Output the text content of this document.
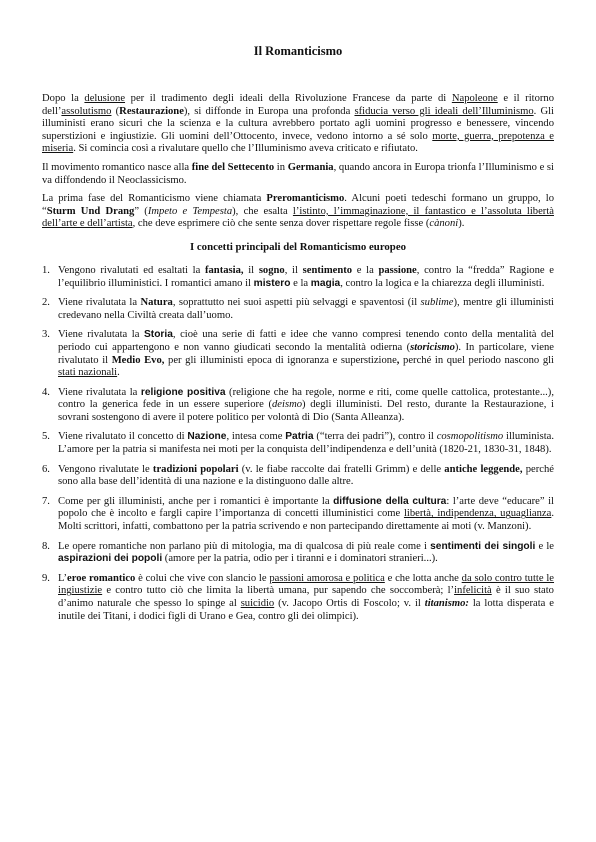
Il Romanticismo

Dopo la delusione per il tradimento degli ideali della Rivoluzione Francese da parte di Napoleone e il ritorno dell’assolutismo (Restaurazione), si diffonde in Europa una profonda sfiducia verso gli ideali dell’Illuminismo. Gli illuministi erano sicuri che la scienza e la cultura avrebbero portato agli uomini progresso e benessere, vincendo superstizioni e ingiustizie. Gli uomini dell’Ottocento, invece, vedono intorno a sé solo morte, guerra, prepotenza e miseria. Si comincia così a rivalutare quello che l’Illuminismo aveva criticato e rifiutato.

Il movimento romantico nasce alla fine del Settecento in Germania, quando ancora in Europa trionfa l’Illuminismo e si va diffondendo il Neoclassicismo.

La prima fase del Romanticismo viene chiamata Preromanticismo. Alcuni poeti tedeschi formano un gruppo, lo “Sturm Und Drang” (Impeto e Tempesta), che esalta l’istinto, l’immaginazione, il fantastico e l’assoluta libertà dell’arte e dell’artista, che deve esprimere ciò che sente senza dover rispettare regole fisse (cànoni).

I concetti principali del Romanticismo europeo
1. Vengono rivalutati ed esaltati la fantasia, il sogno, il sentimento e la passione, contro la “fredda” Ragione e l’equilibrio illuministici. I romantici amano il mistero e la magia, contro la logica e la chiarezza degli illuministi.
2. Viene rivalutata la Natura, soprattutto nei suoi aspetti più selvaggi e spaventosi (il sublime), mentre gli illuministi credevano nella Civiltà creata dall’uomo.
3. Viene rivalutata la Storia, cioè una serie di fatti e idee che vanno compresi tenendo conto della mentalità del periodo cui appartengono e non vanno giudicati secondo la mentalità odierna (storicismo). In particolare, viene rivalutato il Medio Evo, per gli illuministi epoca di ignoranza e superstizione, perché in quel periodo nascono gli stati nazionali.
4. Viene rivalutata la religione positiva (religione che ha regole, norme e riti, come quelle cattolica, protestante...), contro la generica fede in un essere superiore (deismo) degli illuministi. Del resto, durante la Restaurazione, i sovrani sostengono di avere il potere politico per volontà di Dio (Santa Alleanza).
5. Viene rivalutato il concetto di Nazione, intesa come Patria (“terra dei padri”), contro il cosmopolitismo illuminista. L’amore per la patria si manifesta nei moti per la conquista dell’indipendenza e dell’unità (1820-21, 1830-31, 1848).
6. Vengono rivalutate le tradizioni popolari (v. le fiabe raccolte dai fratelli Grimm) e delle antiche leggende, perché sono alla base dell’identità di una nazione e la distinguono dalle altre.
7. Come per gli illuministi, anche per i romantici è importante la diffusione della cultura: l’arte deve “educare” il popolo che è incolto e fargli capire l’importanza di concetti illuministici come libertà, indipendenza, uguaglianza. Molti scrittori, infatti, combattono per la patria scrivendo e non partecipando direttamente ai moti (v. Manzoni).
8. Le opere romantiche non parlano più di mitologia, ma di qualcosa di più reale come i sentimenti dei singoli e le aspirazioni dei popoli (amore per la patria, odio per i tiranni e i dominatori stranieri...).
9. L’eroe romantico è colui che vive con slancio le passioni amorosa e politica e che lotta anche da solo contro tutte le ingiustizie e contro tutto ciò che limita la libertà umana, pur sapendo che soccomberà; l’infelicità è il suo stato d’animo naturale che spesso lo spinge al suicidio (v. Jacopo Ortis di Foscolo; v. il titanismo: la lotta disperata e inutile dei Titani, i dodici figli di Urano e Gea, contro gli dei olimpici).
